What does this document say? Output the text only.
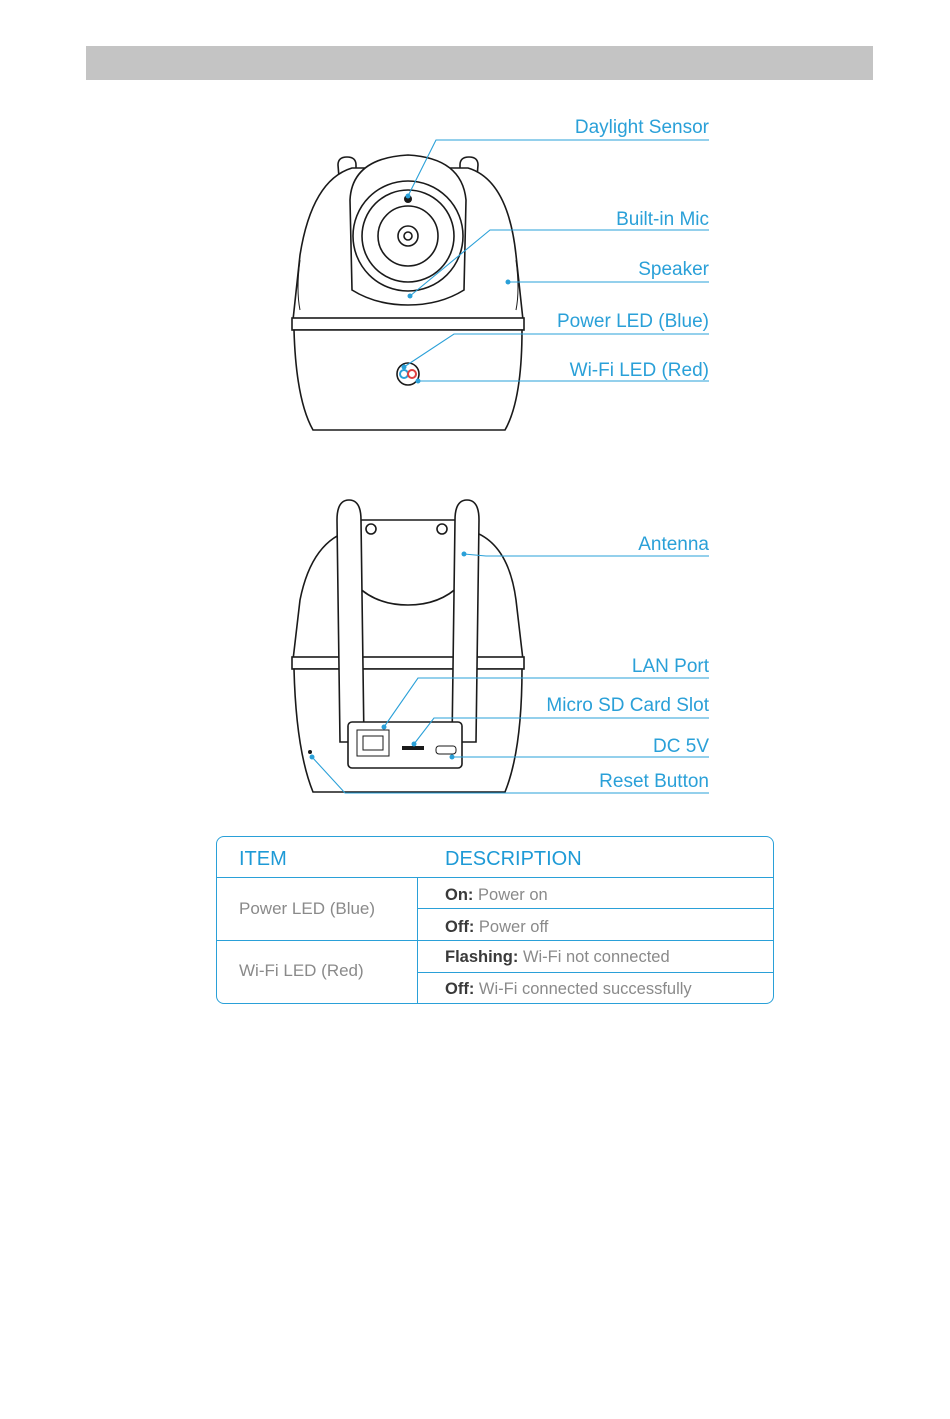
Daylight Sensor
Built-in Mic
Speaker
Power LED (Blue)
Wi-Fi LED (Red)
Antenna
LAN Port
Micro SD Card Slot
DC 5V
Reset Button
ITEM	DESCRIPTION
Power LED (Blue)
On: Power on
Off: Power off
Wi-Fi LED (Red)
Flashing: Wi-Fi not connected
Off: Wi-Fi connected successfully
